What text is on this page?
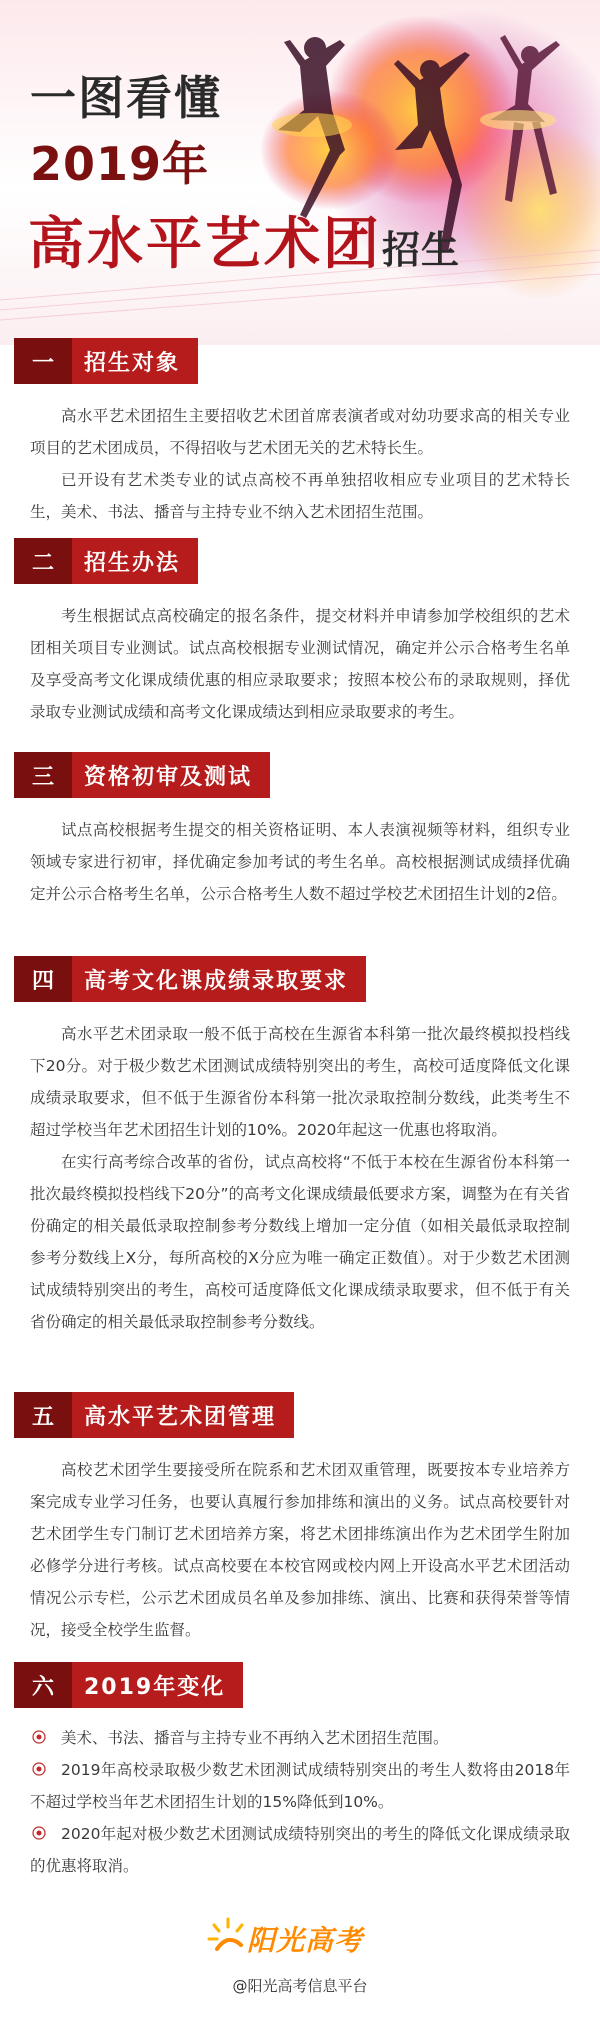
一图看懂
2019年
高水平艺术团招生
一	招生对象

高水平艺术团招生主要招收艺术团首席表演者或对幼功要求高的相关专业项目的艺术团成员，不得招收与艺术团无关的艺术特长生。

已开设有艺术类专业的试点高校不再单独招收相应专业项目的艺术特长生，美术、书法、播音与主持专业不纳入艺术团招生范围。

二	招生办法

考生根据试点高校确定的报名条件，提交材料并申请参加学校组织的艺术团相关项目专业测试。试点高校根据专业测试情况，确定并公示合格考生名单及享受高考文化课成绩优惠的相应录取要求；按照本校公布的录取规则，择优录取专业测试成绩和高考文化课成绩达到相应录取要求的考生。

三	资格初审及测试

试点高校根据考生提交的相关资格证明、本人表演视频等材料，组织专业领域专家进行初审，择优确定参加考试的考生名单。高校根据测试成绩择优确定并公示合格考生名单，公示合格考生人数不超过学校艺术团招生计划的2倍。

四	高考文化课成绩录取要求

高水平艺术团录取一般不低于高校在生源省本科第一批次最终模拟投档线下20分。对于极少数艺术团测试成绩特别突出的考生，高校可适度降低文化课成绩录取要求，但不低于生源省份本科第一批次录取控制分数线，此类考生不超过学校当年艺术团招生计划的10%。2020年起这一优惠也将取消。

在实行高考综合改革的省份，试点高校将“不低于本校在生源省份本科第一批次最终模拟投档线下20分”的高考文化课成绩最低要求方案，调整为在有关省份确定的相关最低录取控制参考分数线上增加一定分值（如相关最低录取控制参考分数线上X分，每所高校的X分应为唯一确定正数值）。对于少数艺术团测试成绩特别突出的考生，高校可适度降低文化课成绩录取要求，但不低于有关省份确定的相关最低录取控制参考分数线。

五	高水平艺术团管理

高校艺术团学生要接受所在院系和艺术团双重管理，既要按本专业培养方案完成专业学习任务，也要认真履行参加排练和演出的义务。试点高校要针对艺术团学生专门制订艺术团培养方案，将艺术团排练演出作为艺术团学生附加必修学分进行考核。试点高校要在本校官网或校内网上开设高水平艺术团活动情况公示专栏，公示艺术团成员名单及参加排练、演出、比赛和获得荣誉等情况，接受全校学生监督。

六	2019年变化
美术、书法、播音与主持专业不再纳入艺术团招生范围。
2019年高校录取极少数艺术团测试成绩特别突出的考生人数将由2018年不超过学校当年艺术团招生计划的15%降低到10%。
2020年起对极少数艺术团测试成绩特别突出的考生的降低文化课成绩录取的优惠将取消。
阳光高考
@阳光高考信息平台
